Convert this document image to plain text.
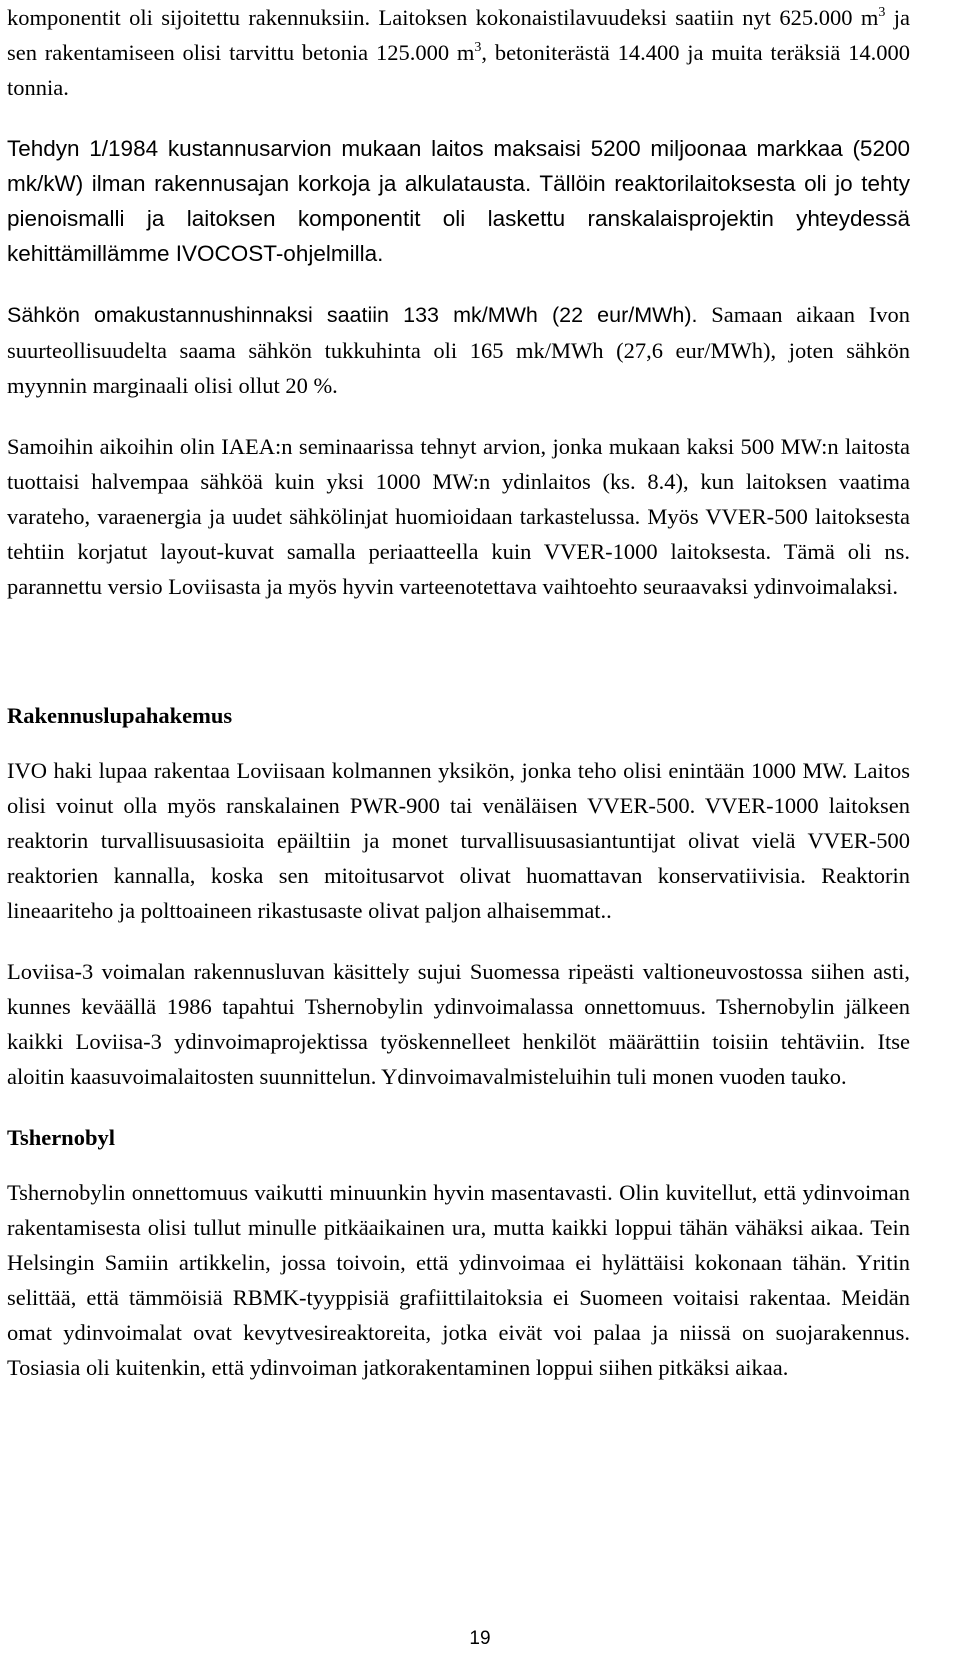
komponentit oli sijoitettu rakennuksiin. Laitoksen kokonaistilavuudeksi saatiin nyt 625.000 $m^3$ ja sen rakentamiseen olisi tarvittu betonia 125.000 $m^3$, betoniterästä 14.400 ja muita teräksiä 14.000 tonnia.

Tehdyn 1/1984 kustannusarvion mukaan laitos maksaisi 5200 miljoonaa markkaa (5200 mk/kW) ilman rakennusajan korkoja ja alkulatausta. Tällöin reaktorilaitoksesta oli jo tehty pienoismalli ja laitoksen komponentit oli laskettu ranskalaisprojektin yhteydessä kehittämillämme IVOCOST-ohjelmilla.

Sähkön omakustannushinnaksi saatiin 133 mk/MWh (22 eur/MWh). Samaan aikaan Ivon suurteollisuudelta saama sähkön tukkuhinta oli 165 mk/MWh (27,6 eur/MWh), joten sähkön myynnin marginaali olisi ollut 20 %.

Samoihin aikoihin olin IAEA:n seminaarissa tehnyt arvion, jonka mukaan kaksi 500 MW:n laitosta tuottaisi halvempaa sähköä kuin yksi 1000 MW:n ydinlaitos (ks. 8.4), kun laitoksen vaatima varateho, varaenergia ja uudet sähkölinjat huomioidaan tarkastelussa. Myös VVER-500 laitoksesta tehtiin korjatut layout-kuvat samalla periaatteella kuin VVER-1000 laitoksesta. Tämä oli ns. parannettu versio Loviisasta ja myös hyvin varteenotettava vaihtoehto seuraavaksi ydinvoimalaksi.

Rakennuslupahakemus

IVO haki lupaa rakentaa Loviisaan kolmannen yksikön, jonka teho olisi enintään 1000 MW. Laitos olisi voinut olla myös ranskalainen PWR-900 tai venäläisen VVER-500. VVER-1000 laitoksen reaktorin turvallisuusasioita epäiltiin ja monet turvallisuusasiantuntijat olivat vielä VVER-500 reaktorien kannalla, koska sen mitoitusarvot olivat huomattavan konservatiivisia. Reaktorin lineaariteho ja polttoaineen rikastusaste olivat paljon alhaisemmat..

Loviisa-3 voimalan rakennusluvan käsittely sujui Suomessa ripeästi valtioneuvostossa siihen asti, kunnes keväällä 1986 tapahtui Tshernobylin ydinvoimalassa onnettomuus. Tshernobylin jälkeen kaikki Loviisa-3 ydinvoimaprojektissa työskennelleet henkilöt määrättiin toisiin tehtäviin. Itse aloitin kaasuvoimalaitosten suunnittelun. Ydinvoimavalmisteluihin tuli monen vuoden tauko.

Tshernobyl

Tshernobylin onnettomuus vaikutti minuunkin hyvin masentavasti. Olin kuvitellut, että ydinvoiman rakentamisesta olisi tullut minulle pitkäaikainen ura, mutta kaikki loppui tähän vähäksi aikaa. Tein Helsingin Samiin artikkelin, jossa toivoin, että ydinvoimaa ei hylättäisi kokonaan tähän. Yritin selittää, että tämmöisiä RBMK-tyyppisiä grafiittilaitoksia ei Suomeen voitaisi rakentaa. Meidän omat ydinvoimalat ovat kevytvesireaktoreita, jotka eivät voi palaa ja niissä on suojarakennus. Tosiasia oli kuitenkin, että ydinvoiman jatkorakentaminen loppui siihen pitkäksi aikaa.

19
